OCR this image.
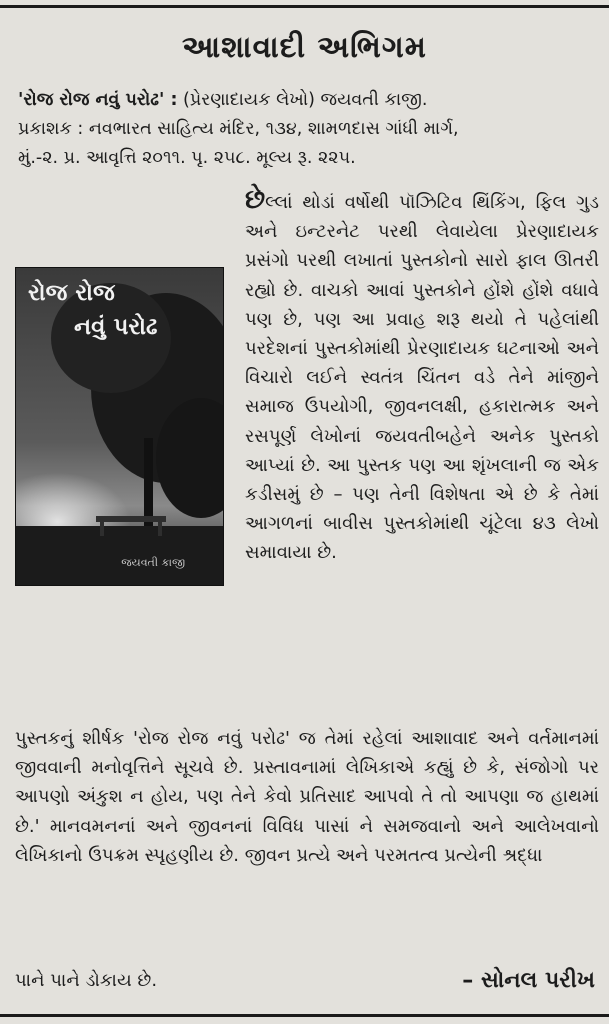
આશાવાદી અભિગમ
'રોજ રોજ નવું પરોઢ' : (પ્રેરણાદાયક લેખો) જયવતી કાજી.
પ્રકાશક : નવભારત સાહિત્ય મંદિર, ૧૩૪, શામળદાસ ગાંધી માર્ગ,
મું.-૨. પ્ર. આવૃત્તિ ૨૦૧૧. પૃ. ૨૫૮. મૂલ્ય રૂ. ૨૨૫.

રોજ રોજ
નવું પરોઢ
જયવતી કાજી
છેલ્લાં થોડાં વર્ષોથી પૉઝિટિવ થિંકિંગ, ફિલ ગુડ અને ઇન્ટરનેટ પરથી લેવાયેલા પ્રેરણાદાયક પ્રસંગો પરથી લખાતાં પુસ્તકોનો સારો ફાલ ઊતરી રહ્યો છે. વાચકો આવાં પુસ્તકોને હોંશે હોંશે વધાવે પણ છે, પણ આ પ્રવાહ શરૂ થયો તે પહેલાંથી પરદેશનાં પુસ્તકોમાંથી પ્રેરણાદાયક ઘટનાઓ અને વિચારો લઈને સ્વતંત્ર ચિંતન વડે તેને માંજીને સમાજ ઉપયોગી, જીવનલક્ષી, હકારાત્મક અને રસપૂર્ણ લેખોનાં જયવતીબહેને અનેક પુસ્તકો આપ્યાં છે. આ પુસ્તક પણ આ શૃંખલાની જ એક કડીસમું છે – પણ તેની વિશેષતા એ છે કે તેમાં આગળનાં બાવીસ પુસ્તકોમાંથી ચૂંટેલા ૪૩ લેખો સમાવાયા છે.

પુસ્તકનું શીર્ષક 'રોજ રોજ નવું પરોઢ' જ તેમાં રહેલાં આશાવાદ અને વર્તમાનમાં જીવવાની મનોવૃત્તિને સૂચવે છે. પ્રસ્તાવનામાં લેખિકાએ કહ્યું છે કે, સંજોગો પર આપણો અંકુશ ન હોય, પણ તેને કેવો પ્રતિસાદ આપવો તે તો આપણા જ હાથમાં છે.' માનવમનનાં અને જીવનનાં વિવિધ પાસાં ને સમજવાનો અને આલેખવાનો લેખિકાનો ઉપક્રમ સ્પૃહણીય છે. જીવન પ્રત્યે અને પરમતત્વ પ્રત્યેની શ્રદ્ધા

પાને પાને ડોકાય છે.	– સોનલ પરીખ
